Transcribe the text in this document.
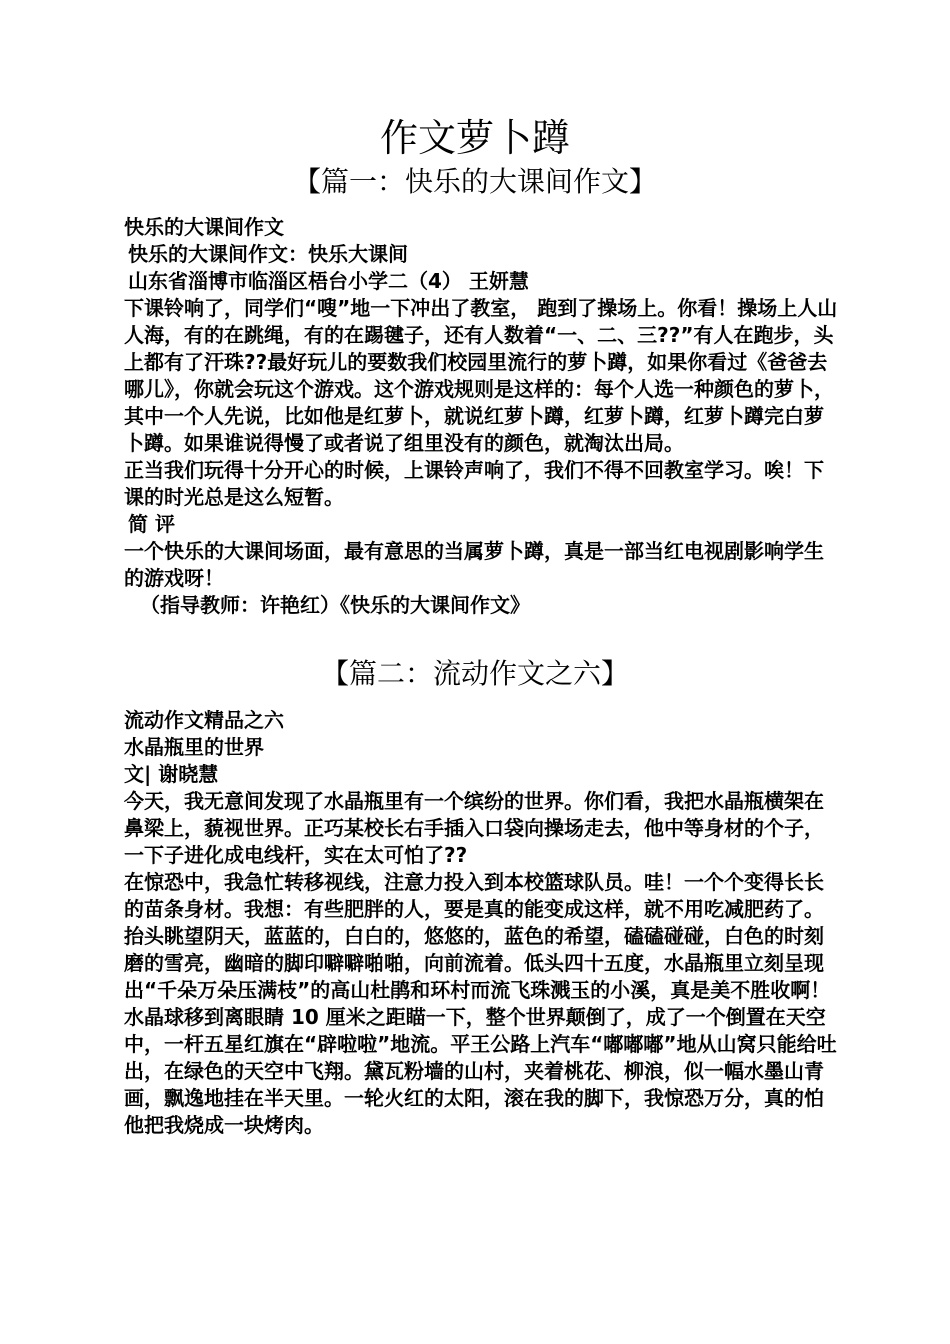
作文萝卜蹲
【篇一：快乐的大课间作文】

快乐的大课间作文

快乐的大课间作文：快乐大课间

山东省淄博市临淄区梧台小学二（4） 王妍慧

下课铃响了，同学们“嗖”地一下冲出了教室， 跑到了操场上。你看！操场上人山人海，有的在跳绳，有的在踢毽子，还有人数着“一、二、三??”有人在跑步，头上都有了汗珠??最好玩儿的要数我们校园里流行的萝卜蹲，如果你看过《爸爸去哪儿》，你就会玩这个游戏。这个游戏规则是这样的：每个人选一种颜色的萝卜，其中一个人先说，比如他是红萝卜，就说红萝卜蹲，红萝卜蹲，红萝卜蹲完白萝卜蹲。如果谁说得慢了或者说了组里没有的颜色，就淘汰出局。

正当我们玩得十分开心的时候，上课铃声响了，我们不得不回教室学习。唉！下课的时光总是这么短暂。

简 评

一个快乐的大课间场面，最有意思的当属萝卜蹲，真是一部当红电视剧影响学生的游戏呀！

（指导教师：许艳红）《快乐的大课间作文》

【篇二：流动作文之六】

流动作文精品之六

水晶瓶里的世界

文| 谢晓慧

今天，我无意间发现了水晶瓶里有一个缤纷的世界。你们看，我把水晶瓶横架在鼻梁上，藐视世界。正巧某校长右手插入口袋向操场走去，他中等身材的个子，一下子进化成电线杆，实在太可怕了??

在惊恐中，我急忙转移视线，注意力投入到本校篮球队员。哇！一个个变得长长的苗条身材。我想：有些肥胖的人，要是真的能变成这样，就不用吃减肥药了。

抬头眺望阴天，蓝蓝的，白白的，悠悠的，蓝色的希望，磕磕碰碰，白色的时刻磨的雪亮，幽暗的脚印噼噼啪啪，向前流着。低头四十五度，水晶瓶里立刻呈现出“千朵万朵压满枝”的高山杜鹃和环村而流飞珠溅玉的小溪，真是美不胜收啊！

水晶球移到离眼睛 10 厘米之距瞄一下，整个世界颠倒了，成了一个倒置在天空中，一杆五星红旗在“辟啦啦”地流。平王公路上汽车“嘟嘟嘟”地从山窝只能给吐出，在绿色的天空中飞翔。黛瓦粉墙的山村，夹着桃花、柳浪，似一幅水墨山青画，飘逸地挂在半天里。一轮火红的太阳，滚在我的脚下，我惊恐万分，真的怕他把我烧成一块烤肉。
